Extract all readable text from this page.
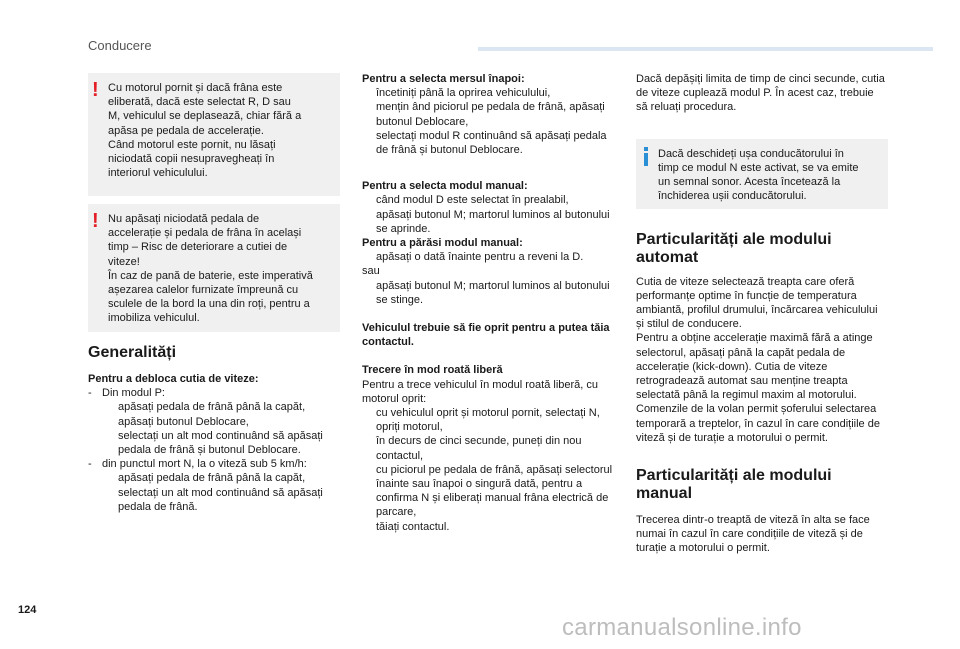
Conducere
! Cu motorul pornit și dacă frâna este
eliberată, dacă este selectat R, D sau
M, vehiculul se deplasează, chiar fără a
apăsa pe pedala de accelerație.
Când motorul este pornit, nu lăsați
niciodată copii nesupravegheați în
interiorul vehiculului.
! Nu apăsați niciodată pedala de
accelerație și pedala de frâna în același
timp – Risc de deteriorare a cutiei de
viteze!
În caz de pană de baterie, este imperativă
așezarea calelor furnizate împreună cu
sculele de la bord la una din roți, pentru a
imobiliza vehiculul.
Generalități

Pentru a debloca cutia de viteze:

- Din modul P:
apăsați pedala de frână până la capăt,
apăsați butonul Deblocare,
selectați un alt mod continuând să apăsați pedala de frână și butonul Deblocare.
- din punctul mort N, la o viteză sub 5 km/h:
apăsați pedala de frână până la capăt,
selectați un alt mod continuând să apăsați pedala de frână.

Pentru a selecta mersul înapoi:

încetiniți până la oprirea vehiculului,
mențin ând piciorul pe pedala de frână, apăsați butonul Deblocare,
selectați modul R continuând să apăsați pedala de frână și butonul Deblocare.

Pentru a selecta modul manual:

când modul D este selectat în prealabil,
apăsați butonul M; martorul luminos al butonului se aprinde.

Pentru a părăsi modul manual:

apăsați o dată înainte pentru a reveni la D.

sau

apăsați butonul M; martorul luminos al butonului se stinge.

Vehiculul trebuie să fie oprit pentru a putea tăia contactul.

Trecere în mod roată liberă

Pentru a trece vehiculul în modul roată liberă, cu motorul oprit:

cu vehiculul oprit și motorul pornit, selectați N,
opriți motorul,
în decurs de cinci secunde, puneți din nou contactul,
cu piciorul pe pedala de frână, apăsați selectorul înainte sau înapoi o singură dată, pentru a confirma N și eliberați manual frâna electrică de parcare,
tăiați contactul.

Dacă depășiți limita de timp de cinci secunde, cutia de viteze cuplează modul P. În acest caz, trebuie să reluați procedura.

Dacă deschideți ușa conducătorului în
timp ce modul N este activat, se va emite
un semnal sonor. Acesta încetează la
închiderea ușii conducătorului.
Particularități ale modului automat

Cutia de viteze selectează treapta care oferă performanțe optime în funcție de temperatura ambiantă, profilul drumului, încărcarea vehiculului și stilul de conducere.
Pentru a obține accelerație maximă fără a atinge selectorul, apăsați până la capăt pedala de accelerație (kick-down). Cutia de viteze retrogradează automat sau menține treapta selectată până la regimul maxim al motorului.
Comenzile de la volan permit șoferului selectarea temporară a treptelor, în cazul în care condițiile de viteză și de turație a motorului o permit.

Particularități ale modului manual

Trecerea dintr-o treaptă de viteză în alta se face numai în cazul în care condițiile de viteză și de turație a motorului o permit.

124
carmanualsonline.info
